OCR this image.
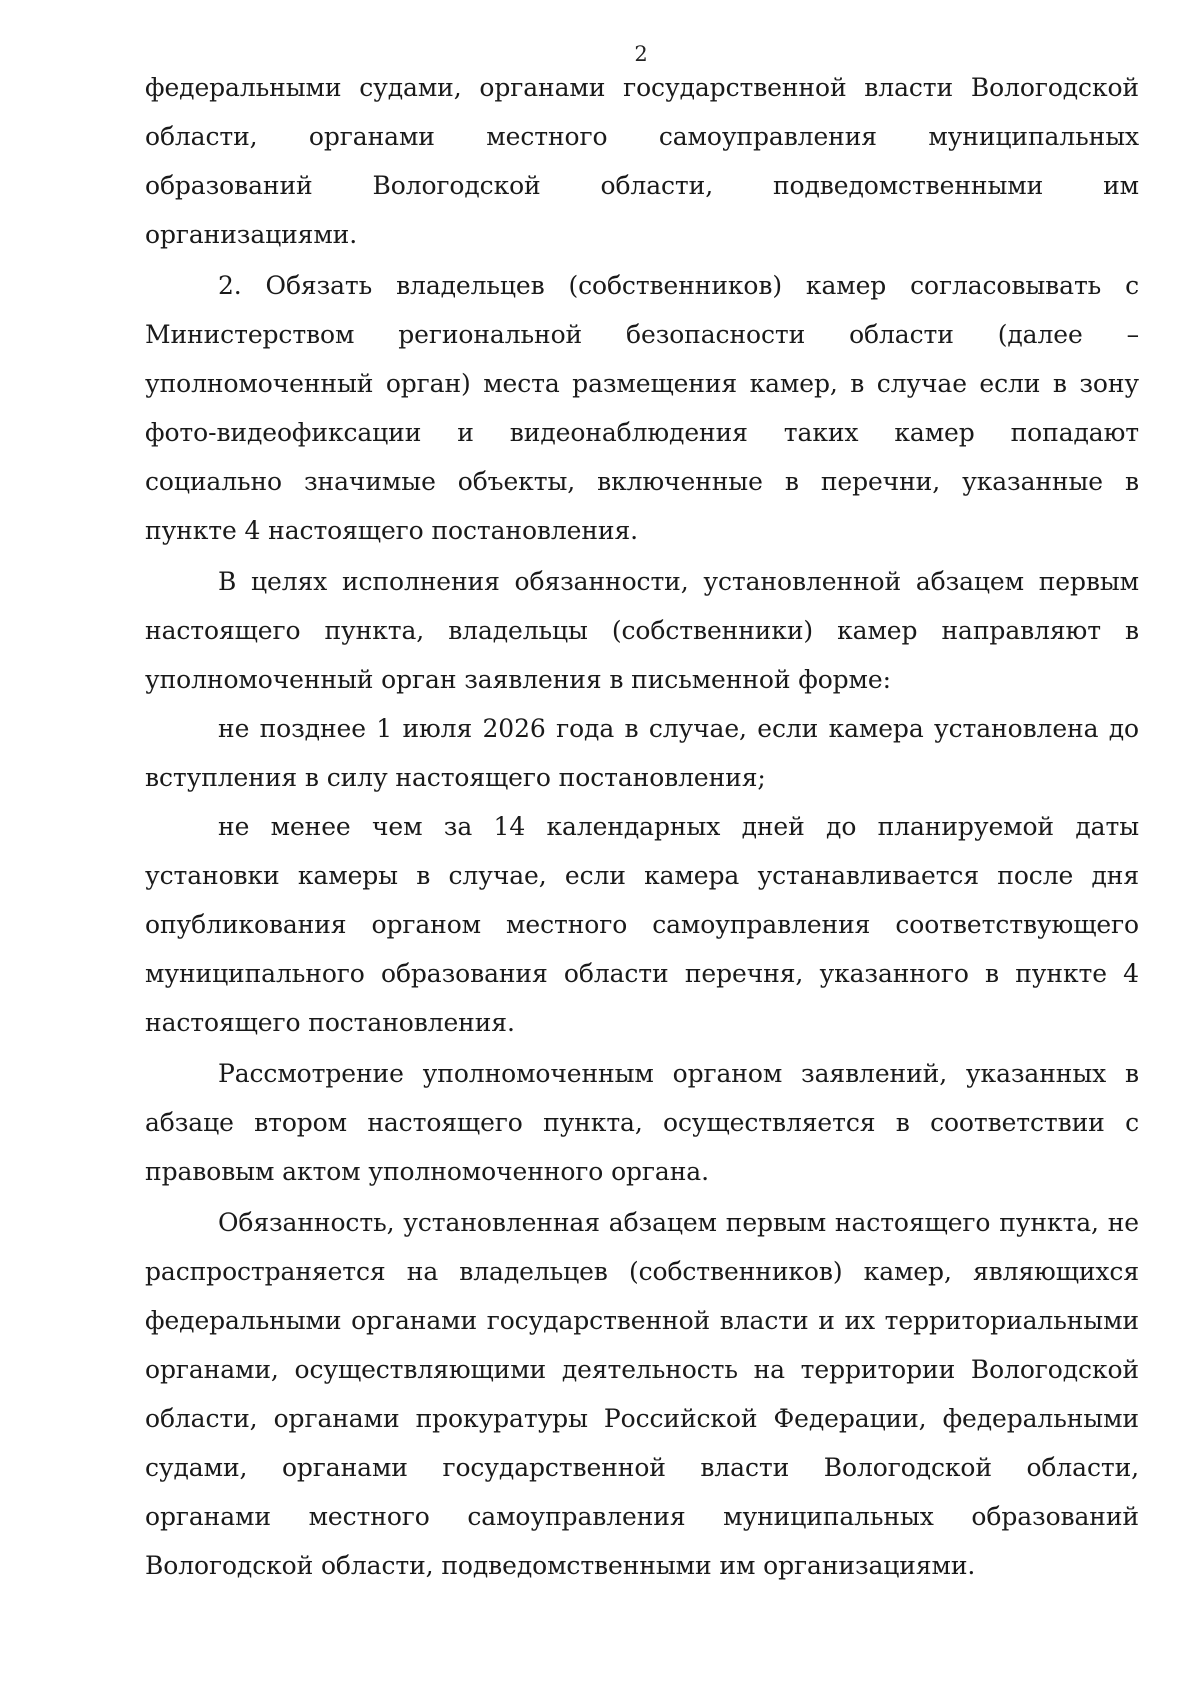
2

федеральными судами, органами государственной власти Вологодской области, органами местного самоуправления муниципальных образований Вологодской области, подведомственными им организациями.

2. Обязать владельцев (собственников) камер согласовывать с Министерством региональной безопасности области (далее – уполномоченный орган) места размещения камер, в случае если в зону фото-видеофиксации и видеонаблюдения таких камер попадают социально значимые объекты, включенные в перечни, указанные в пункте 4 настоящего постановления.

В целях исполнения обязанности, установленной абзацем первым настоящего пункта, владельцы (собственники) камер направляют в уполномоченный орган заявления в письменной форме:

не позднее 1 июля 2026 года в случае, если камера установлена до вступления в силу настоящего постановления;

не менее чем за 14 календарных дней до планируемой даты установки камеры в случае, если камера устанавливается после дня опубликования органом местного самоуправления соответствующего муниципального образования области перечня, указанного в пункте 4 настоящего постановления.

Рассмотрение уполномоченным органом заявлений, указанных в абзаце втором настоящего пункта, осуществляется в соответствии с правовым актом уполномоченного органа.

Обязанность, установленная абзацем первым настоящего пункта, не распространяется на владельцев (собственников) камер, являющихся федеральными органами государственной власти и их территориальными органами, осуществляющими деятельность на территории Вологодской области, органами прокуратуры Российской Федерации, федеральными судами, органами государственной власти Вологодской области, органами местного самоуправления муниципальных образований Вологодской области, подведомственными им организациями.
